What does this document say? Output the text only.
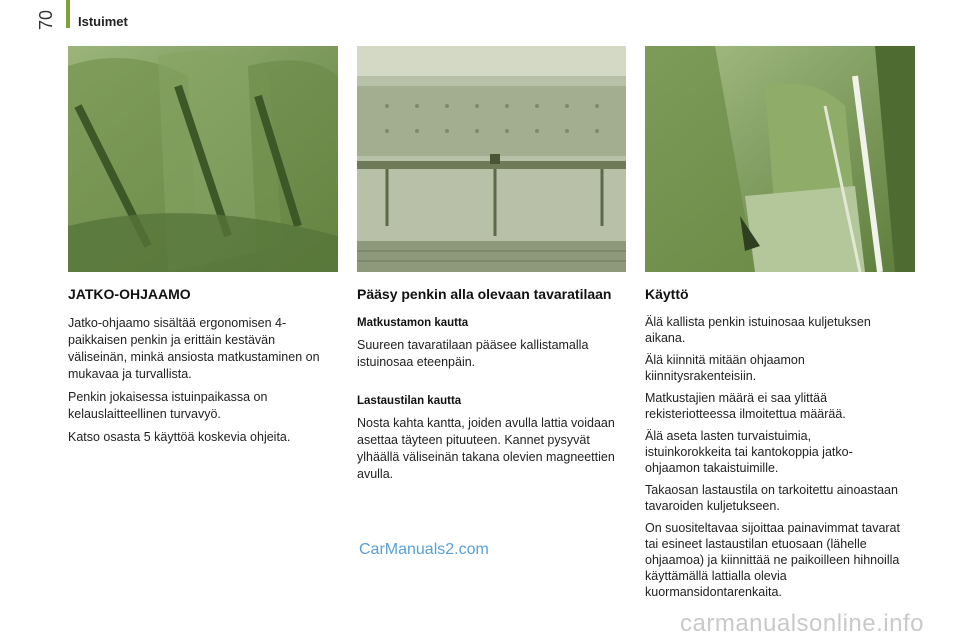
70 Istuimet
JATKO-OHJAAMO

Jatko-ohjaamo sisältää ergonomisen 4-paikkaisen penkin ja erittäin kestävän väliseinän, minkä ansiosta matkustaminen on mukavaa ja turvallista.

Penkin jokaisessa istuinpaikassa on kelauslaitteellinen turvavyö.

Katso osasta 5 käyttöä koskevia ohjeita.

Pääsy penkin alla olevaan tavaratilaan
Matkustamon kautta

Suureen tavaratilaan pääsee kallistamalla istuinosaa eteenpäin.

Lastaustilan kautta

Nosta kahta kantta, joiden avulla lattia voidaan asettaa täyteen pituuteen. Kannet pysyvät ylhäällä väliseinän takana olevien magneettien avulla.

Käyttö

Älä kallista penkin istuinosaa kuljetuksen aikana.

Älä kiinnitä mitään ohjaamon kiinnitysrakenteisiin.

Matkustajien määrä ei saa ylittää rekisteriotteessa ilmoitettua määrää.

Älä aseta lasten turvaistuimia, istuinkorokkeita tai kantokoppia jatko-ohjaamon takaistuimille.

Takaosan lastaustila on tarkoitettu ainoastaan tavaroiden kuljetukseen.

On suositeltavaa sijoittaa painavimmat tavarat tai esineet lastaustilan etuosaan (lähelle ohjaamoa) ja kiinnittää ne paikoilleen hihnoilla käyttämällä lattialla olevia kuormansidontarenkaita.

CarManuals2.com
carmanualsonline.info
